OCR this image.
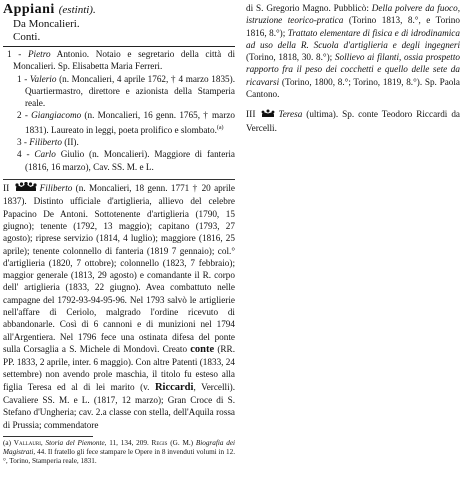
Appiani (estinti).
Da Moncalieri.
Conti.

1 - Pietro Antonio. Notaio e segretario della città di Moncalieri. Sp. Elisabetta Maria Ferreri.

1 - Valerio (n. Moncalieri, 4 aprile 1762, † 4 marzo 1835). Quartiermastro, direttore e azionista della Stamperia reale.

2 - Giangiacomo (n. Moncalieri, 16 genn. 1765, † marzo 1831). Laureato in leggi, poeta prolifico e slombato.$^{(a)}$

3 - Filiberto (II).

4 - Carlo Giulio (n. Moncalieri). Maggiore di fanteria (1816, 16 marzo), Cav. SS. M. e L.

II	Filiberto (n. Moncalieri, 18 genn. 1771 † 20 aprile 1837). Distinto ufficiale d'artiglieria, allievo del celebre Papacino De Antoni. Sottotenente d'artiglieria (1790, 15 giugno); tenente (1792, 13 maggio); capitano (1793, 27 agosto); riprese servizio (1814, 4 luglio); maggiore (1816, 25 aprile); tenente colonnello di fanteria (1819 7 gennaio); col.° d'artiglieria (1820, 7 ottobre); colonnello (1823, 7 febbraio); maggior generale (1813, 29 agosto) e comandante il R. corpo dell' artiglieria (1833, 22 giugno). Avea combattuto nelle campagne del 1792-93-94-95-96. Nel 1793 salvò le artiglierie nell'affare di Ceriolo, malgrado l'ordine ricevuto di abbandonarle. Così di 6 cannoni e di munizioni nel 1794 all'Argentiera. Nel 1796 fece una ostinata difesa del ponte sulla Corsaglia a S. Michele di Mondovì. Creato conte (RR. PP. 1833, 2 aprile, inter. 6 maggio). Con altre Patenti (1833, 24 settembre) non avendo prole maschia, il titolo fu esteso alla figlia Teresa ed al di lei marito (v. Riccardi, Vercelli). Cavaliere SS. M. e L. (1817, 12 marzo); Gran Croce di S. Stefano d'Ungheria; cav. 2.a classe con stella, dell'Aquila rossa di Prussia; commendatore

(a) Vallauri, Storia del Piemonte, 11, 134, 209. Regis (G. M.) Biografia dei Magistrati, 44. Il fratello gli fece stampare le Opere in 8 invenduti volumi in 12.°, Torino, Stamperia reale, 1831.

di S. Gregorio Magno. Pubblicò: Della polvere da fuoco, istruzione teorico-pratica (Torino 1813, 8.°, e Torino 1816, 8.°); Trattato elementare di fisica e di idrodinamica ad uso della R. Scuola d'artiglieria e degli ingegneri (Torino, 1818, 30. 8.°); Sollievo ai filanti, ossia prospetto rapporto fra il peso dei cocchetti e quello delle sete da ricavarsi (Torino, 1800, 8.°; Torino, 1819, 8.°). Sp. Paola Cantono.

III Teresa (ultima). Sp. conte Teodoro Riccardi da Vercelli.
